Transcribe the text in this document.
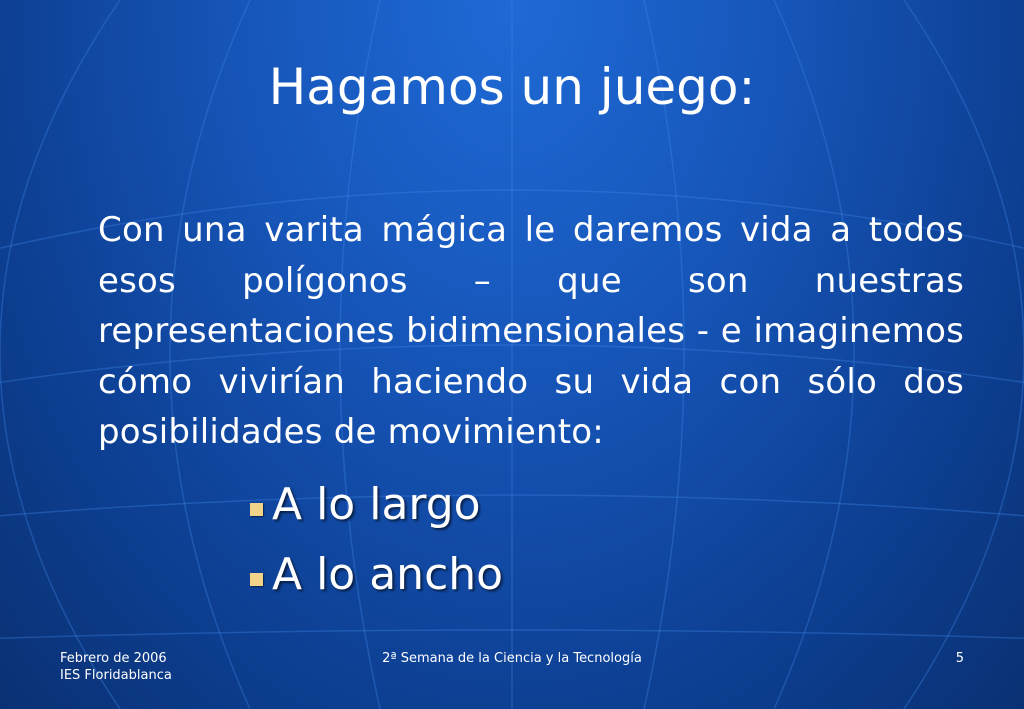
Hagamos un juego:
Con una varita mágica le daremos vida a todos esos polígonos – que son nuestras representaciones bidimensionales - e imaginemos cómo vivirían haciendo su vida con sólo dos posibilidades de movimiento:
A lo largo
A lo ancho
Febrero de 2006
IES Floridablanca
2ª Semana de la Ciencia y la Tecnología	5
